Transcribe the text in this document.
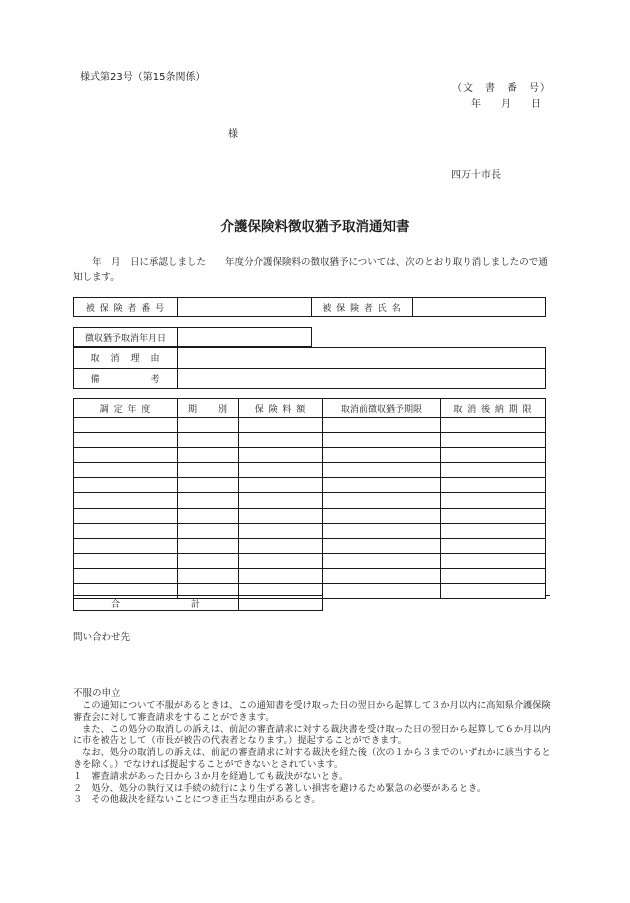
様式第23号（第15条関係）
（文　書　番　号）
年　　月　　日
様
四万十市長
介護保険料徴収猶予取消通知書
　　年　月　日に承認しました　　年度分介護保険料の徴収猶予については、次のとおり取り消しましたので通知します。
被 保 険 者 番 号		被 保 険 者 氏 名	
徴収猶予取消年月日	
取　消　理　由	
備　　　　　考	
調 定 年 度	期　　別	保 険 料 額	取消前徴収猶予期限	取 消 後 納 期 限

合　　　　　　　計	
問い合わせ先
不服の申立

　この通知について不服があるときは、この通知書を受け取った日の翌日から起算して３か月以内に高知県介護保険審査会に対して審査請求をすることができます。

　また、この処分の取消しの訴えは、前記の審査請求に対する裁決書を受け取った日の翌日から起算して６か月以内に市を被告として（市長が被告の代表者となります。）提起することができます。

　なお、処分の取消しの訴えは、前記の審査請求に対する裁決を経た後（次の１から３までのいずれかに該当するときを除く。）でなければ提起することができないとされています。

１　審査請求があった日から３か月を経過しても裁決がないとき。

２　処分、処分の執行又は手続の続行により生ずる著しい損害を避けるため緊急の必要があるとき。

３　その他裁決を経ないことにつき正当な理由があるとき。
